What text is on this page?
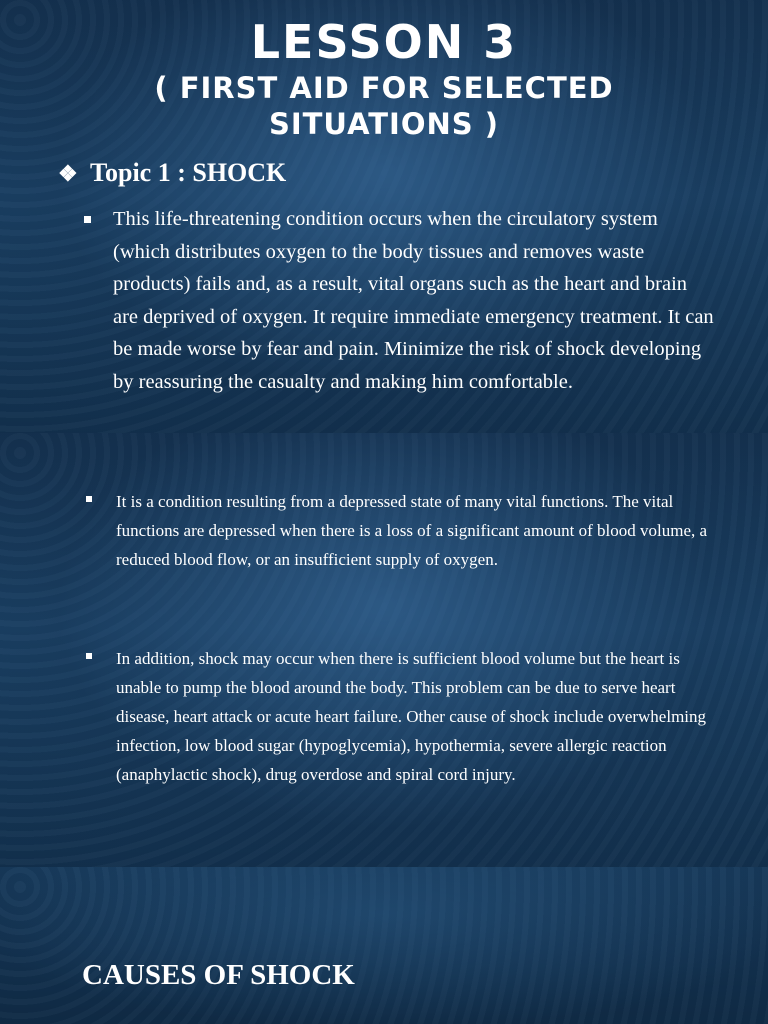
LESSON 3
( FIRST AID FOR SELECTED
SITUATIONS )
❖ Topic 1 : SHOCK
This life-threatening condition occurs when the circulatory system (which distributes oxygen to the body tissues and removes waste products) fails and, as a result, vital organs such as the heart and brain are deprived of oxygen. It require immediate emergency treatment. It can be made worse by fear and pain. Minimize the risk of shock developing by reassuring the casualty and making him comfortable.
It is a condition resulting from a depressed state of many vital functions. The vital functions are depressed when there is a loss of a significant amount of blood volume, a reduced blood flow, or an insufficient supply of oxygen.
In addition, shock may occur when there is sufficient blood volume but the heart is unable to pump the blood around the body. This problem can be due to serve heart disease, heart attack or acute heart failure. Other cause of shock include overwhelming infection, low blood sugar (hypoglycemia), hypothermia, severe allergic reaction (anaphylactic shock), drug overdose and spiral cord injury.
CAUSES OF SHOCK
